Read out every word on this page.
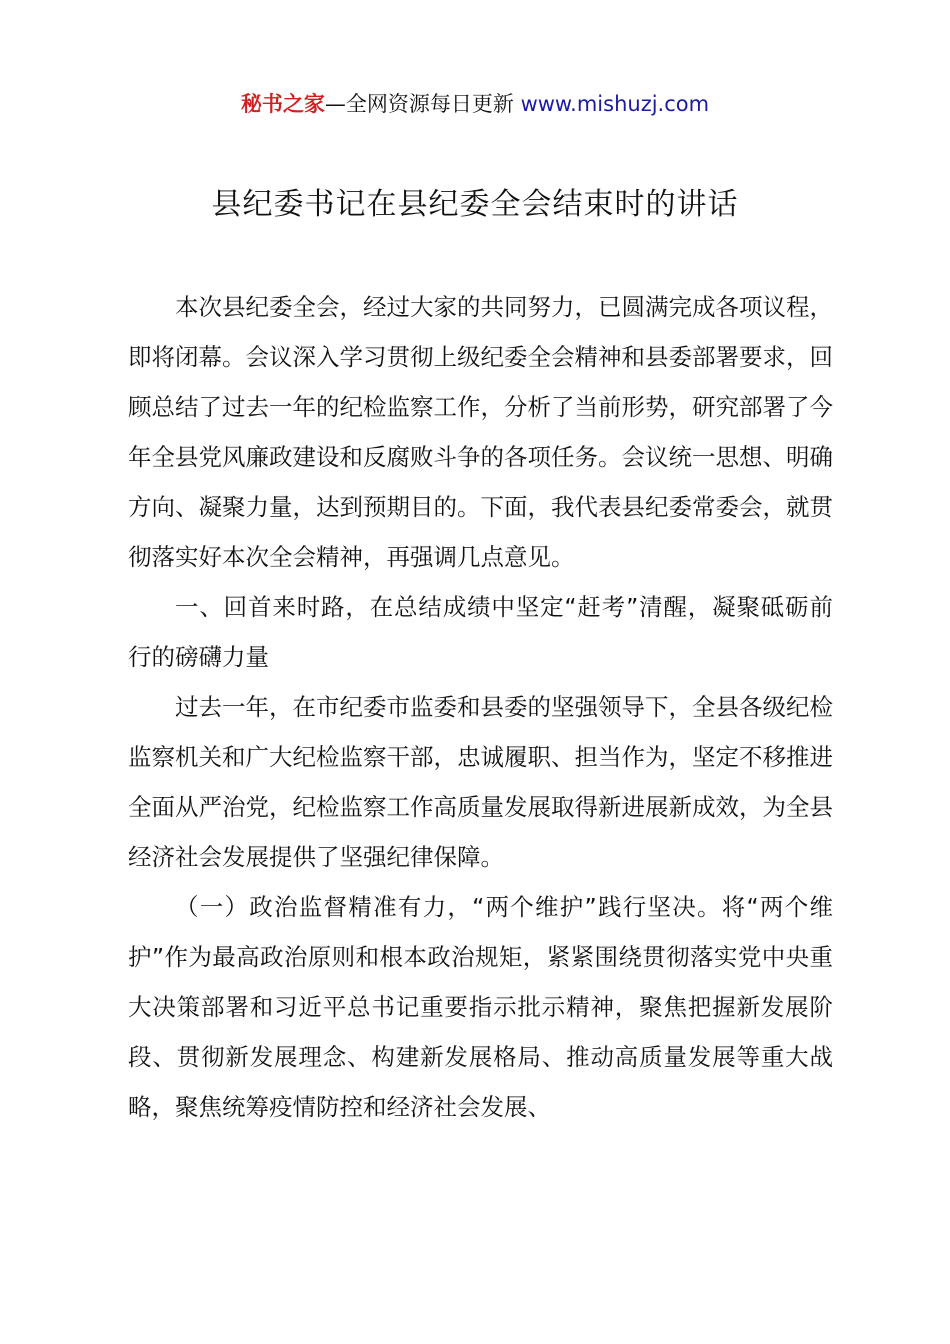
秘书之家—全网资源每日更新 www.mishuzj.com
县纪委书记在县纪委全会结束时的讲话

本次县纪委全会，经过大家的共同努力，已圆满完成各项议程，即将闭幕。会议深入学习贯彻上级纪委全会精神和县委部署要求，回顾总结了过去一年的纪检监察工作，分析了当前形势，研究部署了今年全县党风廉政建设和反腐败斗争的各项任务。会议统一思想、明确方向、凝聚力量，达到预期目的。下面，我代表县纪委常委会，就贯彻落实好本次全会精神，再强调几点意见。

一、回首来时路，在总结成绩中坚定“赶考”清醒，凝聚砥砺前行的磅礴力量

过去一年，在市纪委市监委和县委的坚强领导下，全县各级纪检监察机关和广大纪检监察干部，忠诚履职、担当作为，坚定不移推进全面从严治党，纪检监察工作高质量发展取得新进展新成效，为全县经济社会发展提供了坚强纪律保障。

（一）政治监督精准有力，“两个维护”践行坚决。将“两个维护”作为最高政治原则和根本政治规矩，紧紧围绕贯彻落实党中央重大决策部署和习近平总书记重要指示批示精神，聚焦把握新发展阶段、贯彻新发展理念、构建新发展格局、推动高质量发展等重大战略，聚焦统筹疫情防控和经济社会发展、
